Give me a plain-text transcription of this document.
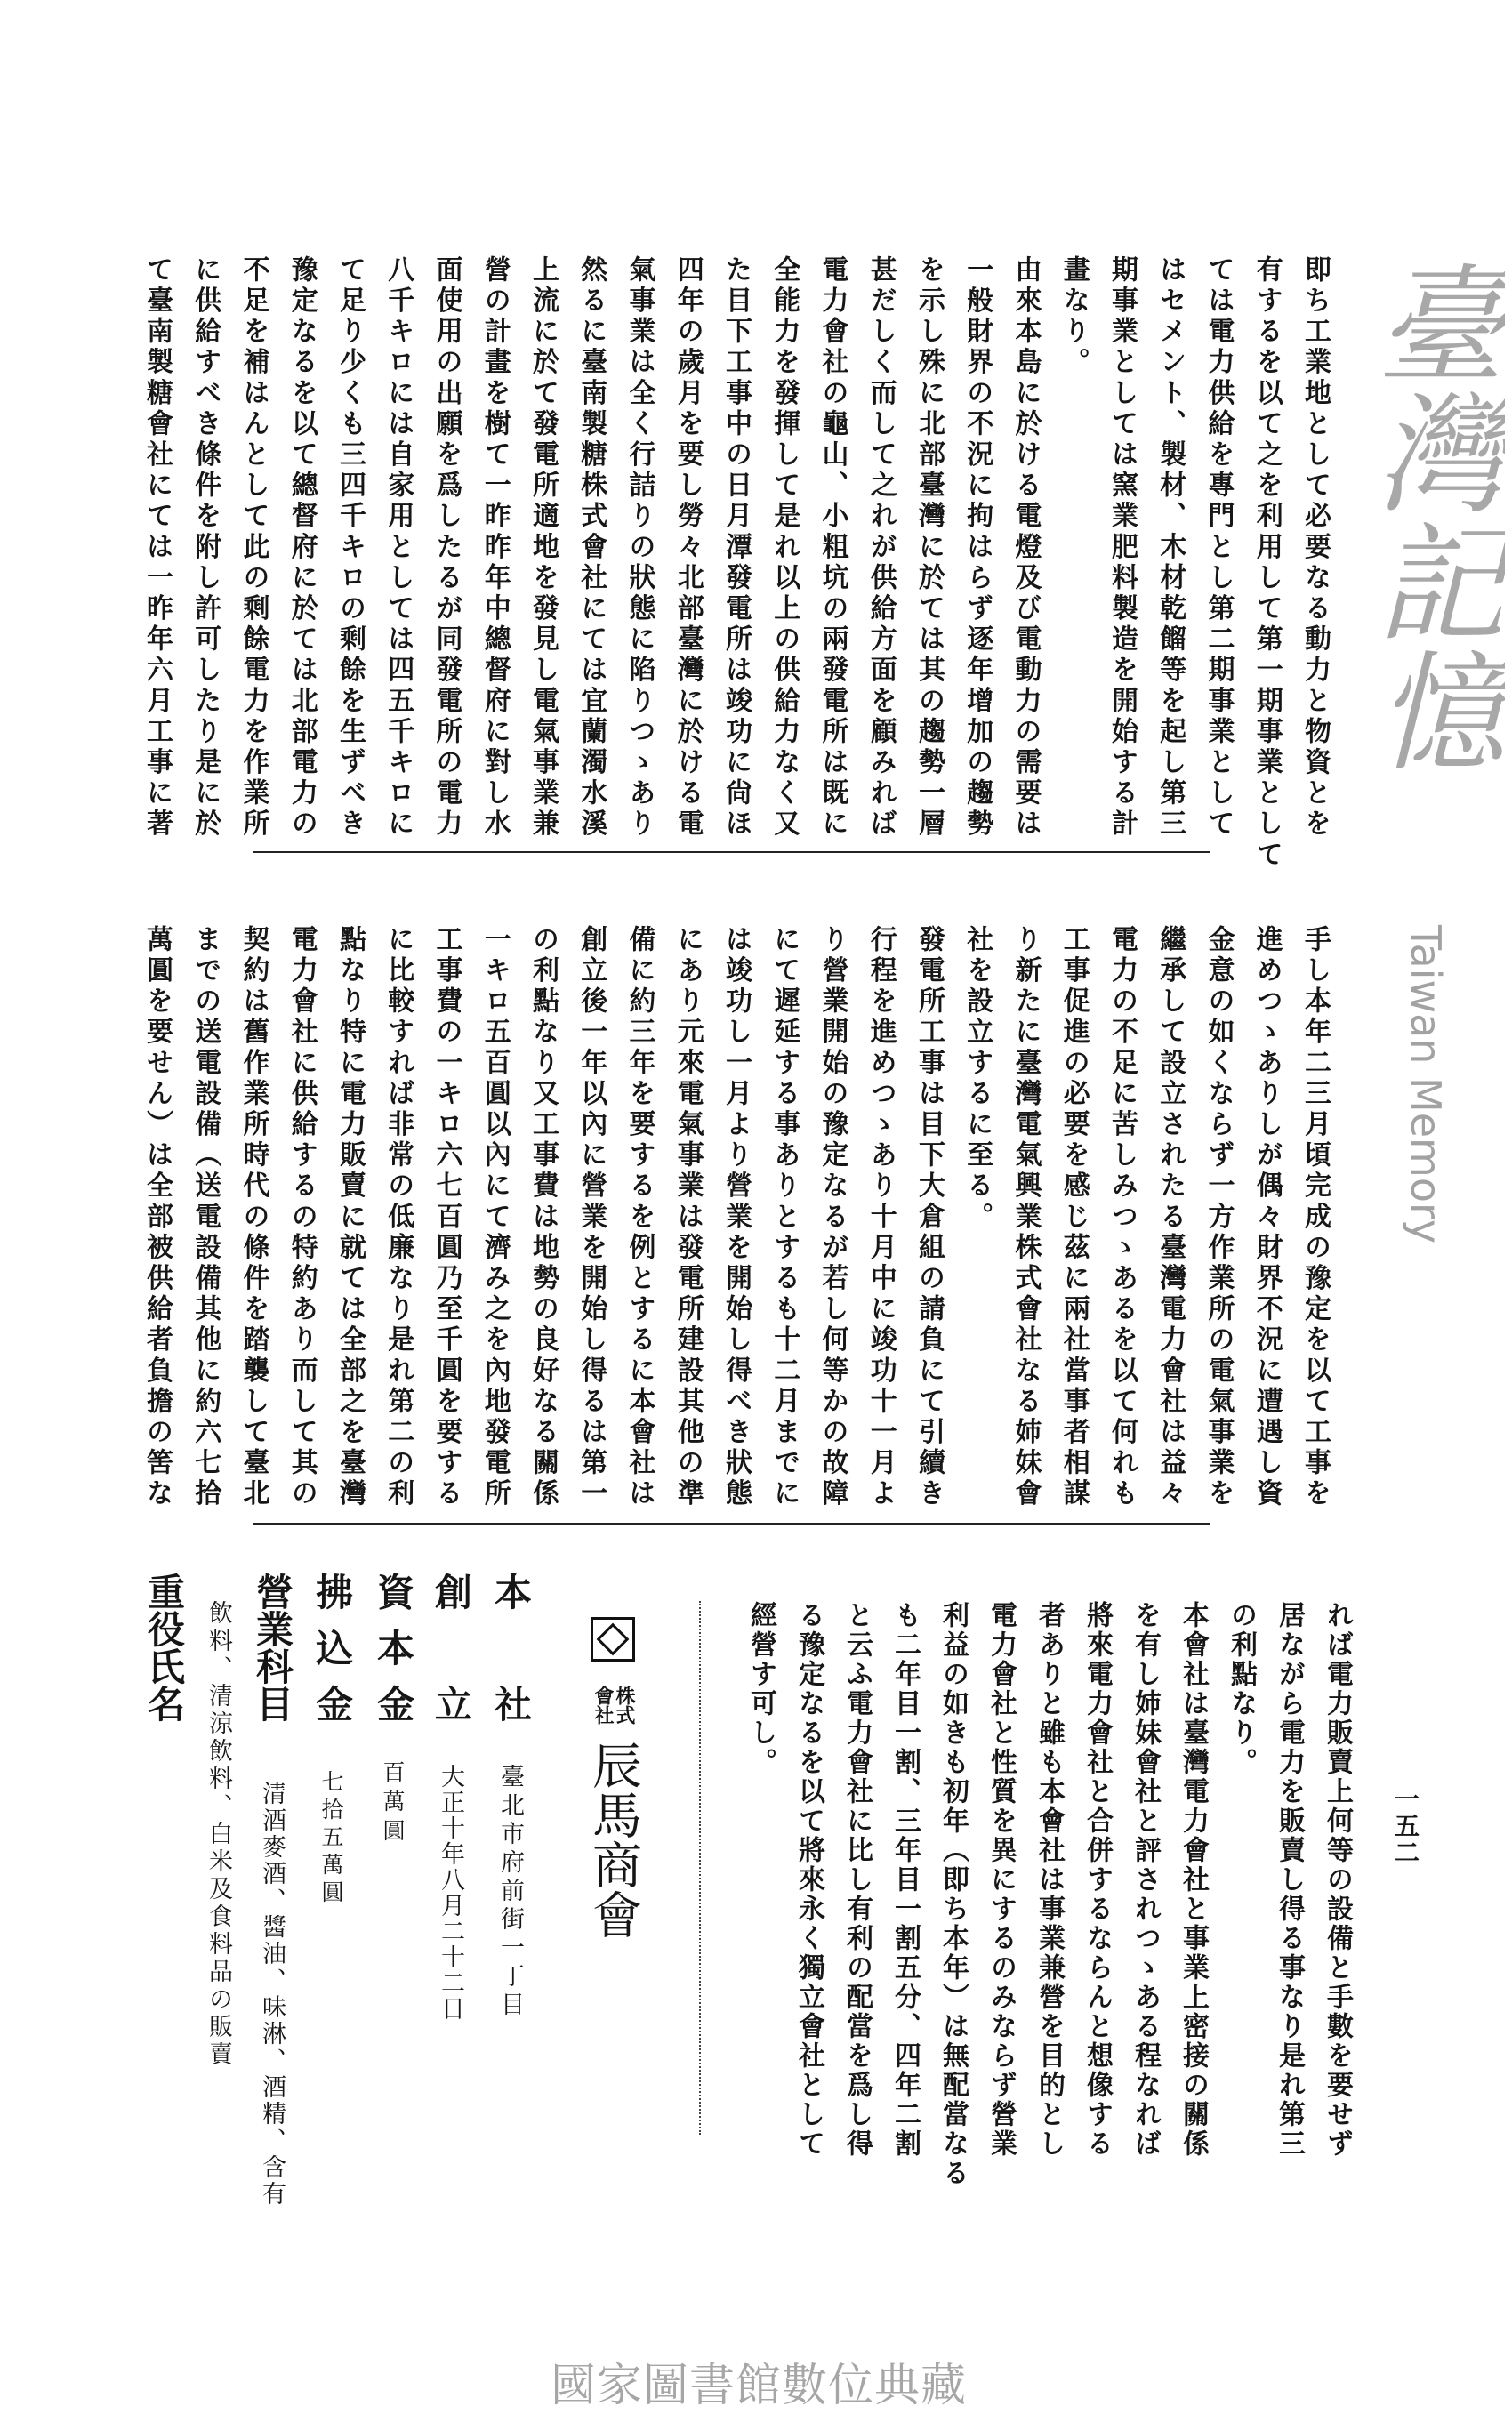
即ち工業地として必要なる動力と物資とを
有するを以て之を利用して第一期事業として
ては電力供給を專門とし第二期事業として
はセメント、製材、木材乾餾等を起し第三
期事業としては窯業肥料製造を開始する計
畫なり。
由來本島に於ける電燈及び電動力の需要は
一般財界の不況に拘はらず逐年增加の趨勢
を示し殊に北部臺灣に於ては其の趨勢一層
甚だしく而して之れが供給方面を顧みれば
電力會社の龜山、小粗坑の兩發電所は既に
全能力を發揮して是れ以上の供給力なく又
た目下工事中の日月潭發電所は竣功に尙ほ
四年の歲月を要し勞々北部臺灣に於ける電
氣事業は全く行詰りの狀態に陷りつゝあり
然るに臺南製糖株式會社にては宜蘭濁水溪
上流に於て發電所適地を發見し電氣事業兼
營の計畫を樹て一昨昨年中總督府に對し水
面使用の出願を爲したるが同發電所の電力
八千キロには自家用としては四五千キロに
て足り少くも三四千キロの剩餘を生ずべき
豫定なるを以て總督府に於ては北部電力の
不足を補はんとして此の剩餘電力を作業所
に供給すべき條件を附し許可したり是に於
て臺南製糖會社にては一昨年六月工事に著
手し本年二三月頃完成の豫定を以て工事を
進めつゝありしが偶々財界不況に遭遇し資
金意の如くならず一方作業所の電氣事業を
繼承して設立されたる臺灣電力會社は益々
電力の不足に苦しみつゝあるを以て何れも
工事促進の必要を感じ茲に兩社當事者相謀
り新たに臺灣電氣興業株式會社なる姉妹會
社を設立するに至る。
發電所工事は目下大倉組の請負にて引續き
行程を進めつゝあり十月中に竣功十一月よ
り營業開始の豫定なるが若し何等かの故障
にて遲延する事ありとするも十二月までに
は竣功し一月より營業を開始し得べき狀態
にあり元來電氣事業は發電所建設其他の準
備に約三年を要するを例とするに本會社は
創立後一年以內に營業を開始し得るは第一
の利點なり又工事費は地勢の良好なる關係
一キロ五百圓以內にて濟み之を內地發電所
工事費の一キロ六七百圓乃至千圓を要する
に比較すれば非常の低廉なり是れ第二の利
點なり特に電力販賣に就ては全部之を臺灣
電力會社に供給するの特約あり而して其の
契約は舊作業所時代の條件を踏襲して臺北
までの送電設備（送電設備其他に約六七拾
萬圓を要せん）は全部被供給者負擔の筈な
れば電力販賣上何等の設備と手數を要せず
居ながら電力を販賣し得る事なり是れ第三
の利點なり。
本會社は臺灣電力會社と事業上密接の關係
を有し姉妹會社と評されつゝある程なれば
將來電力會社と合併するならんと想像する
者ありと雖も本會社は事業兼營を目的とし
電力會社と性質を異にするのみならず營業
利益の如きも初年（即ち本年）は無配當なる
も二年目一割、三年目一割五分、四年二割
と云ふ電力會社に比し有利の配當を爲し得
る豫定なるを以て將來永く獨立會社として
經營す可し。
一五二
株式會社
辰馬商會
本社
臺北市府前街一丁目
創立
大正十年八月二十二日
資本金
百萬圓
拂込金
七拾五萬圓
營業科目
清酒麥酒、醬油、味淋、酒精、含有
飲料、清涼飲料、白米及食料品の販賣
重役氏名
臺灣記憶
Taiwan Memory
國家圖書館數位典藏
